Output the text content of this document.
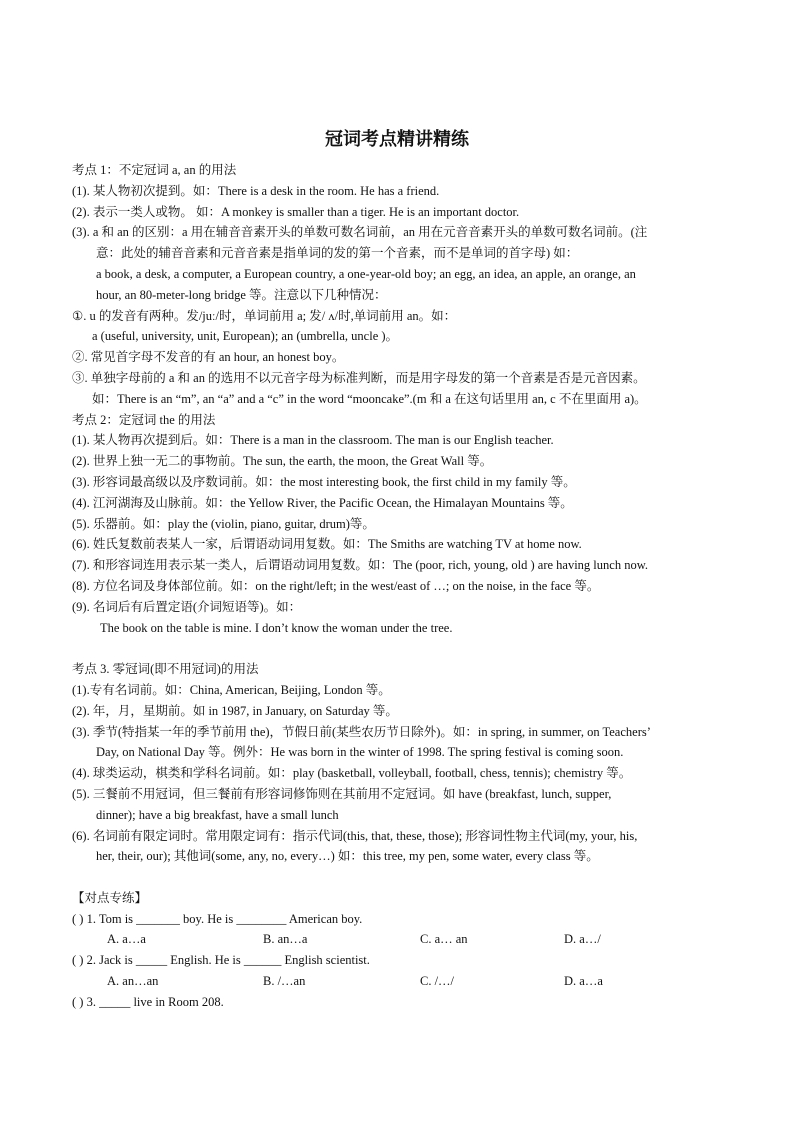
冠词考点精讲精练
考点 1：不定冠词 a, an 的用法
(1). 某人物初次提到。如：There is a desk in the room. He has a friend.
(2). 表示一类人或物。 如：A monkey is smaller than a tiger. He is an important doctor.
(3). a 和 an 的区别：a 用在辅音音素开头的单数可数名词前，an 用在元音音素开头的单数可数名词前。(注
意：此处的辅音音素和元音音素是指单词的发的第一个音素，而不是单词的首字母) 如：
a book, a desk, a computer, a European country, a one-year-old boy; an egg, an idea, an apple, an orange, an
hour, an 80-meter-long bridge 等。注意以下几种情况：
①. u 的发音有两种。发/juː/时，单词前用 a; 发/ ʌ/时,单词前用 an。如：
a (useful, university, unit, European); an (umbrella, uncle )。
②. 常见首字母不发音的有 an hour, an honest boy。
③. 单独字母前的 a 和 an 的选用不以元音字母为标准判断，而是用字母发的第一个音素是否是元音因素。
如：There is an “m”, an “a” and a “c” in the word “mooncake”.(m 和 a 在这句话里用 an, c 不在里面用 a)。
考点 2：定冠词 the 的用法
(1). 某人物再次提到后。如：There is a man in the classroom. The man is our English teacher.
(2). 世界上独一无二的事物前。The sun, the earth, the moon, the Great Wall 等。
(3). 形容词最高级以及序数词前。如：the most interesting book, the first child in my family 等。
(4). 江河湖海及山脉前。如：the Yellow River, the Pacific Ocean, the Himalayan Mountains 等。
(5). 乐器前。如：play the (violin, piano, guitar, drum)等。
(6). 姓氏复数前表某人一家，后谓语动词用复数。如：The Smiths are watching TV at home now.
(7). 和形容词连用表示某一类人，后谓语动词用复数。如：The (poor, rich, young, old ) are having lunch now.
(8). 方位名词及身体部位前。如：on the right/left; in the west/east of …; on the noise, in the face 等。
(9). 名词后有后置定语(介词短语等)。如：
The book on the table is mine. I don’t know the woman under the tree.
考点 3. 零冠词(即不用冠词)的用法
(1).专有名词前。如：China, American, Beijing, London 等。
(2). 年，月，星期前。如 in 1987, in January, on Saturday 等。
(3). 季节(特指某一年的季节前用 the)，节假日前(某些农历节日除外)。如：in spring, in summer, on Teachers’
Day, on National Day 等。例外：He was born in the winter of 1998. The spring festival is coming soon.
(4). 球类运动，棋类和学科名词前。如：play (basketball, volleyball, football, chess, tennis); chemistry 等。
(5). 三餐前不用冠词，但三餐前有形容词修饰则在其前用不定冠词。如 have (breakfast, lunch, supper,
dinner); have a big breakfast, have a small lunch
(6). 名词前有限定词时。常用限定词有：指示代词(this, that, these, those); 形容词性物主代词(my, your, his,
her, their, our); 其他词(some, any, no, every…) 如：this tree, my pen, some water, every class 等。
【对点专练】
( ) 1. Tom is _______ boy. He is ________ American boy.
A. a…a	B. an…a	C. a… an	D. a…/
( ) 2. Jack is _____ English. He is ______ English scientist.
A. an…an	B. /…an	C. /…/	D. a…a
( ) 3. _____ live in Room 208.
